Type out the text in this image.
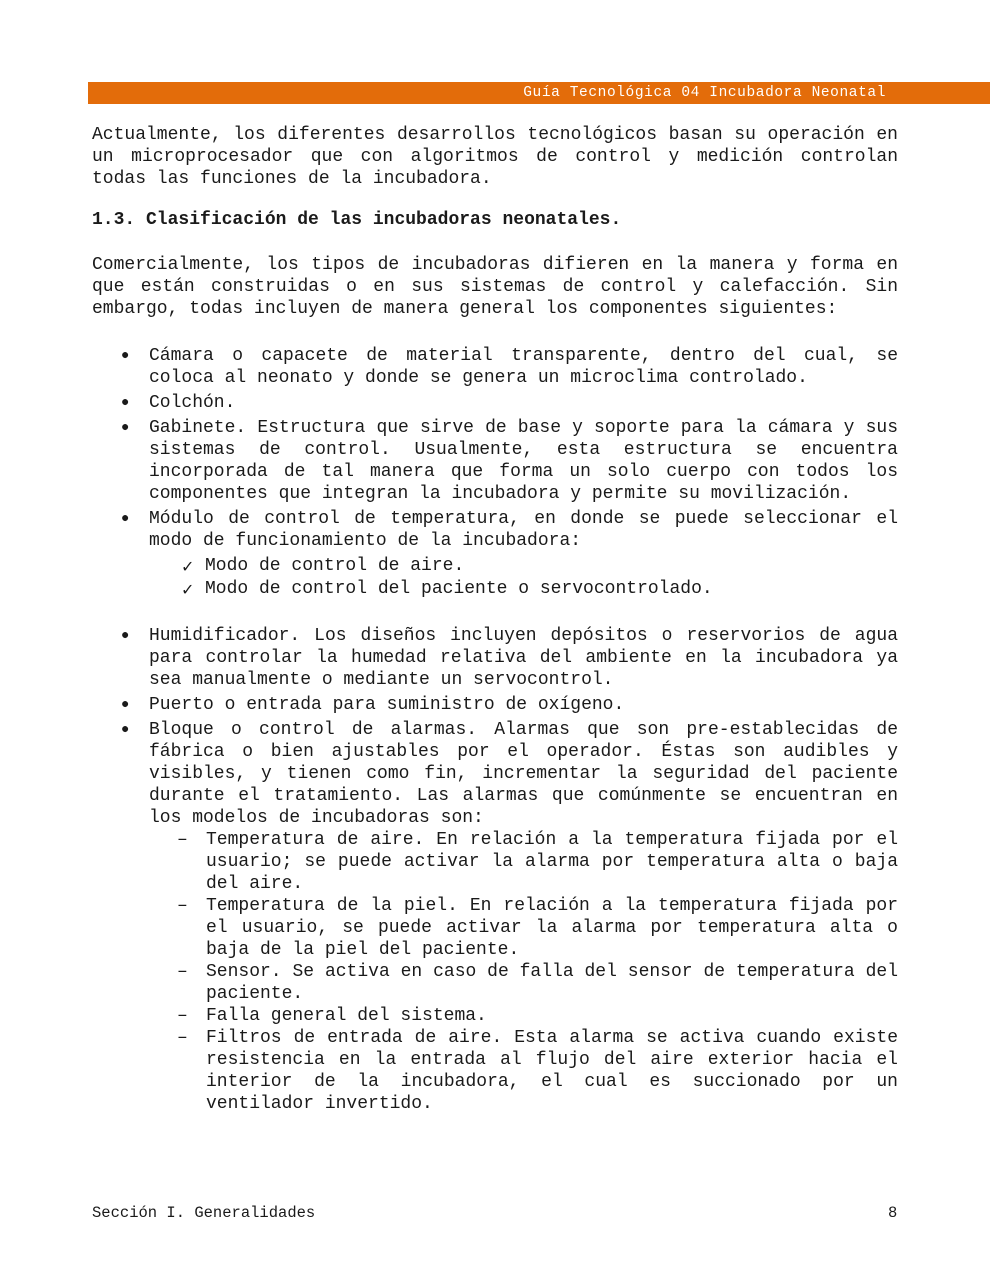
Guía Tecnológica 04 Incubadora Neonatal

Actualmente, los diferentes desarrollos tecnológicos basan su operación en un microprocesador que con algoritmos de control y medición controlan todas las funciones de la incubadora.

1.3. Clasificación de las incubadoras neonatales.

Comercialmente, los tipos de incubadoras difieren en la manera y forma en que están construidas o en sus sistemas de control y calefacción. Sin embargo, todas incluyen de manera general los componentes siguientes:

● Cámara o capacete de material transparente, dentro del cual, se coloca al neonato y donde se genera un microclima controlado.
● Colchón.
● Gabinete. Estructura que sirve de base y soporte para la cámara y sus sistemas de control. Usualmente, esta estructura se encuentra incorporada de tal manera que forma un solo cuerpo con todos los componentes que integran la incubadora y permite su movilización.
● Módulo de control de temperatura, en donde se puede seleccionar el modo de funcionamiento de la incubadora:
✓ Modo de control de aire.
✓ Modo de control del paciente o servocontrolado.
● Humidificador. Los diseños incluyen depósitos o reservorios de agua para controlar la humedad relativa del ambiente en la incubadora ya sea manualmente o mediante un servocontrol.
● Puerto o entrada para suministro de oxígeno.
● Bloque o control de alarmas. Alarmas que son pre-establecidas de fábrica o bien ajustables por el operador. Éstas son audibles y visibles, y tienen como fin, incrementar la seguridad del paciente durante el tratamiento. Las alarmas que comúnmente se encuentran en los modelos de incubadoras son:
– Temperatura de aire. En relación a la temperatura fijada por el usuario; se puede activar la alarma por temperatura alta o baja del aire.
– Temperatura de la piel. En relación a la temperatura fijada por el usuario, se puede activar la alarma por temperatura alta o baja de la piel del paciente.
– Sensor. Se activa en caso de falla del sensor de temperatura del paciente.
– Falla general del sistema.
– Filtros de entrada de aire. Esta alarma se activa cuando existe resistencia en la entrada al flujo del aire exterior hacia el interior de la incubadora, el cual es succionado por un ventilador invertido.
Sección I. Generalidades	8
